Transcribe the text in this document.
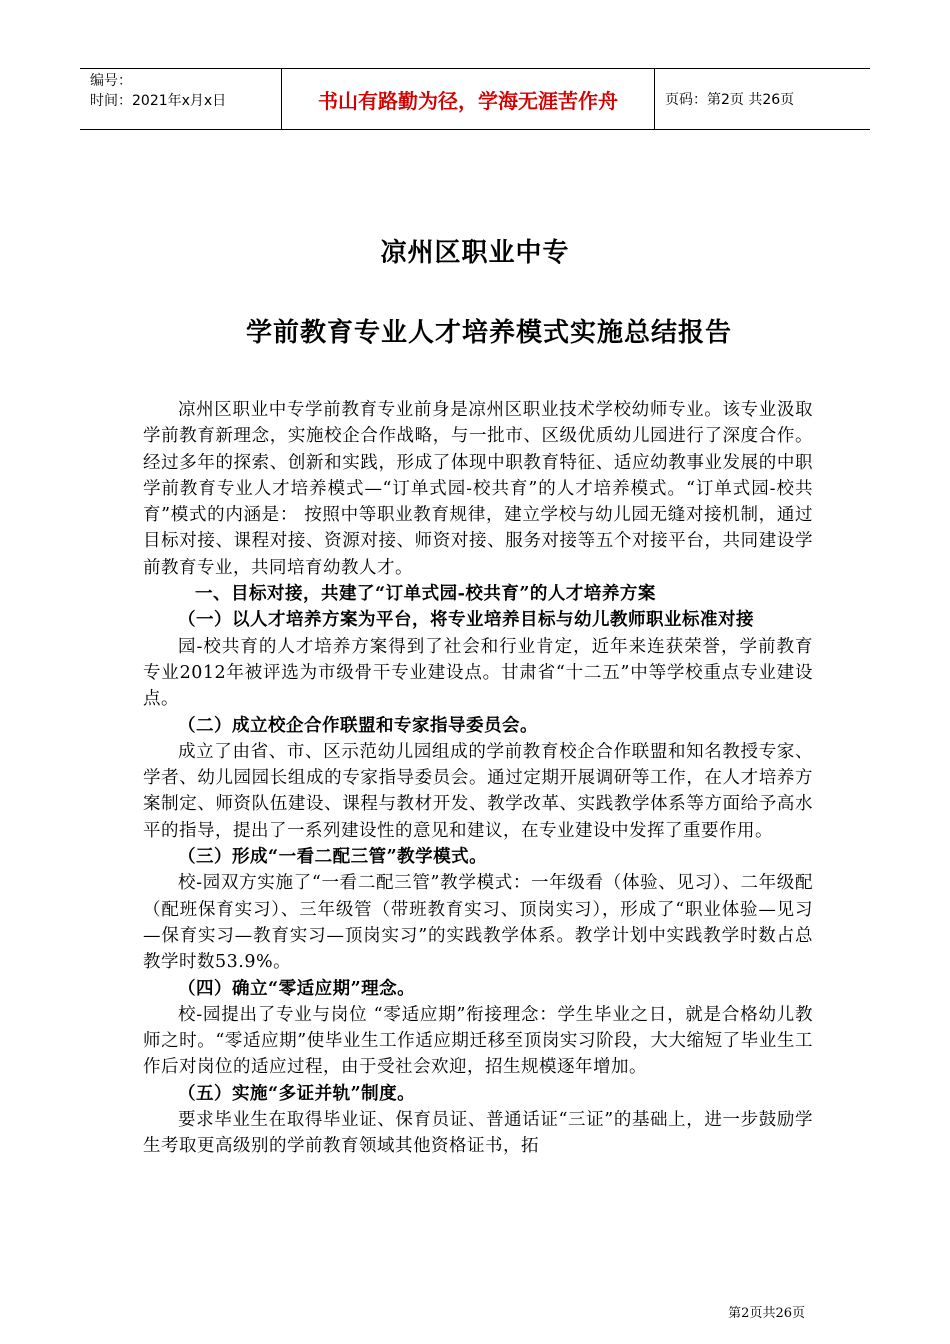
编号：
时间：2021年x月x日	书山有路勤为径，学海无涯苦作舟	页码：第2页 共26页
凉州区职业中专
学前教育专业人才培养模式实施总结报告

凉州区职业中专学前教育专业前身是凉州区职业技术学校幼师专业。该专业汲取学前教育新理念，实施校企合作战略，与一批市、区级优质幼儿园进行了深度合作。经过多年的探索、创新和实践，形成了体现中职教育特征、适应幼教事业发展的中职学前教育专业人才培养模式—“订单式园-校共育”的人才培养模式。“订单式园-校共育”模式的内涵是： 按照中等职业教育规律，建立学校与幼儿园无缝对接机制，通过目标对接、课程对接、资源对接、师资对接、服务对接等五个对接平台，共同建设学前教育专业，共同培育幼教人才。

一、目标对接，共建了“订单式园-校共育”的人才培养方案

（一）以人才培养方案为平台，将专业培养目标与幼儿教师职业标准对接

园-校共育的人才培养方案得到了社会和行业肯定，近年来连获荣誉，学前教育专业2012年被评选为市级骨干专业建设点。甘肃省“十二五”中等学校重点专业建设点。

（二）成立校企合作联盟和专家指导委员会。

成立了由省、市、区示范幼儿园组成的学前教育校企合作联盟和知名教授专家、学者、幼儿园园长组成的专家指导委员会。通过定期开展调研等工作，在人才培养方案制定、师资队伍建设、课程与教材开发、教学改革、实践教学体系等方面给予高水平的指导，提出了一系列建设性的意见和建议，在专业建设中发挥了重要作用。

（三）形成“一看二配三管”教学模式。

校-园双方实施了“一看二配三管”教学模式：一年级看（体验、见习）、二年级配（配班保育实习）、三年级管（带班教育实习、顶岗实习），形成了“职业体验—见习—保育实习—教育实习—顶岗实习”的实践教学体系。教学计划中实践教学时数占总教学时数53.9%。

（四）确立“零适应期”理念。

校-园提出了专业与岗位 “零适应期”衔接理念：学生毕业之日，就是合格幼儿教师之时。“零适应期”使毕业生工作适应期迁移至顶岗实习阶段，大大缩短了毕业生工作后对岗位的适应过程，由于受社会欢迎，招生规模逐年增加。

（五）实施“多证并轨”制度。

要求毕业生在取得毕业证、保育员证、普通话证“三证”的基础上，进一步鼓励学生考取更高级别的学前教育领域其他资格证书，拓

第2页共26页
